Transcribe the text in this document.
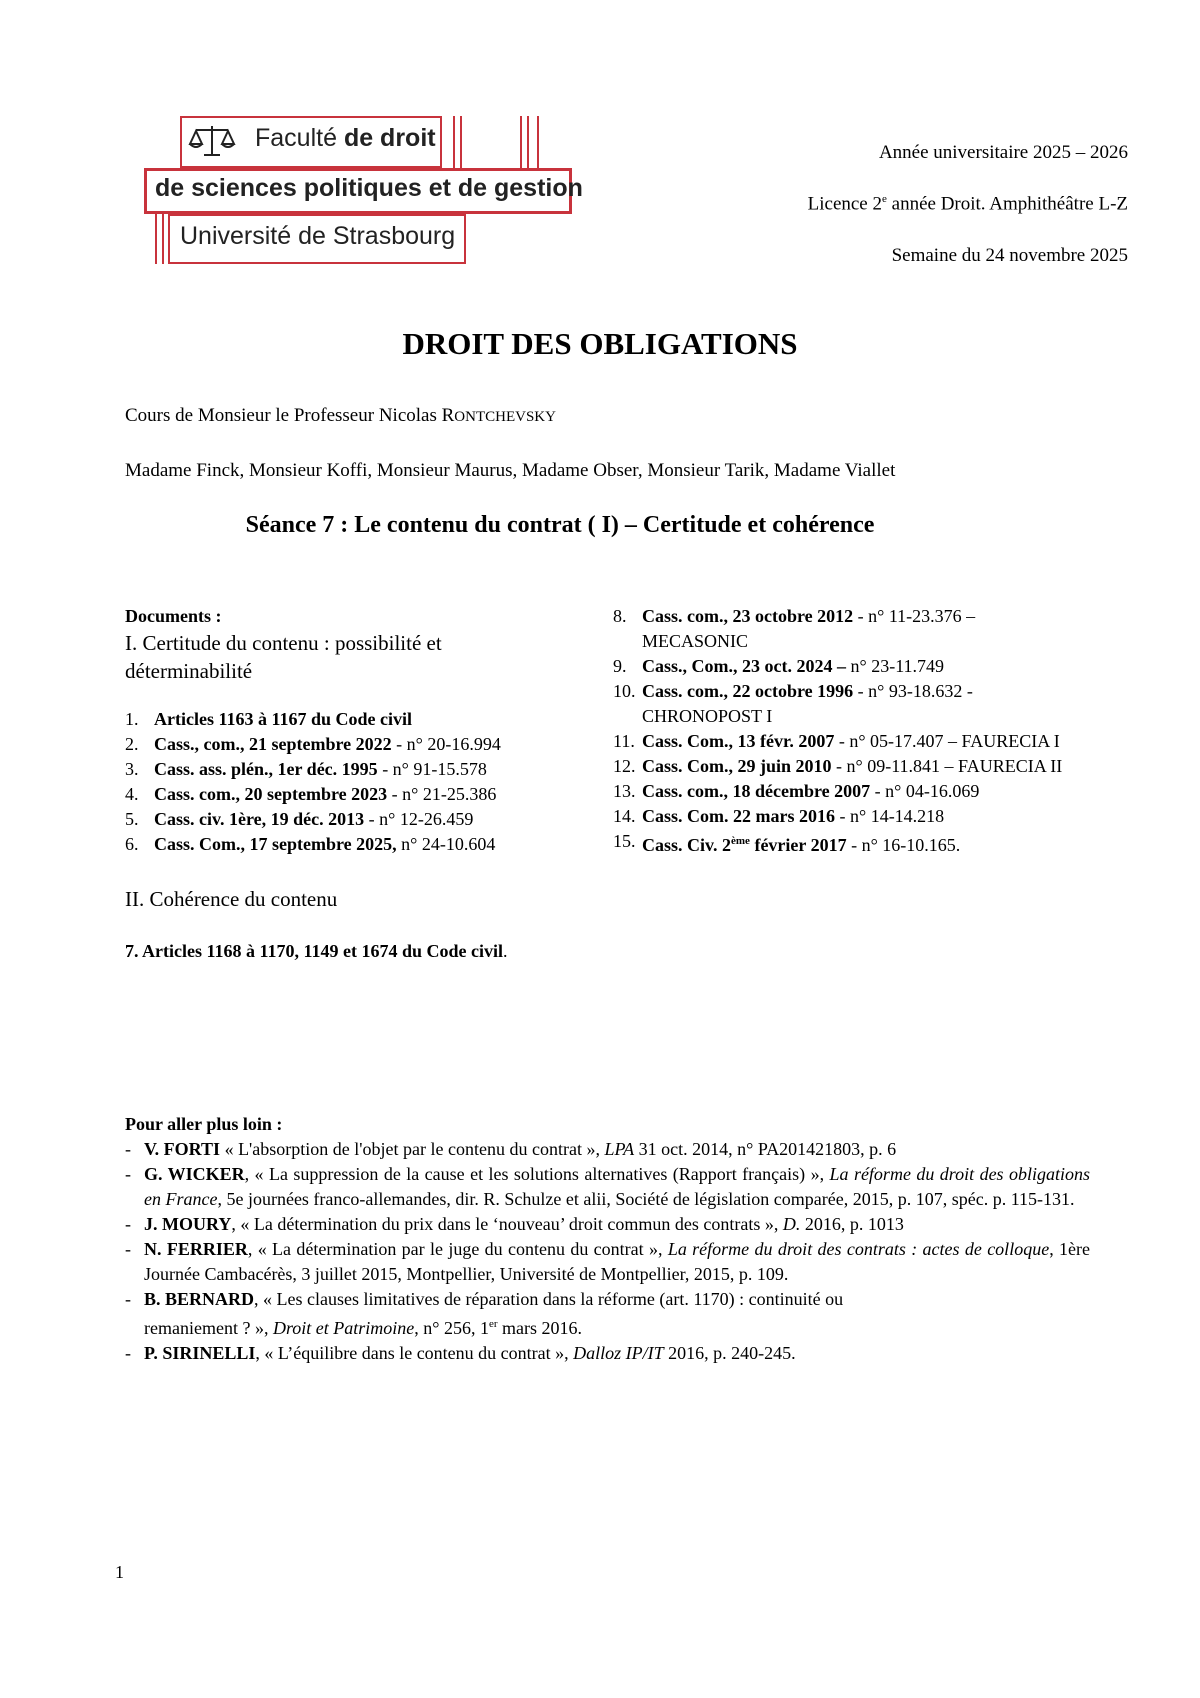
Faculté de droit
de sciences politiques et de gestion
Université de Strasbourg
Année universitaire 2025 – 2026
Licence 2e année Droit. Amphithéâtre L-Z
Semaine du 24 novembre 2025
DROIT DES OBLIGATIONS
Cours de Monsieur le Professeur Nicolas RONTCHEVSKY
Madame Finck, Monsieur Koffi, Monsieur Maurus, Madame Obser, Monsieur Tarik, Madame Viallet
Séance 7 : Le contenu du contrat ( I) – Certitude et cohérence
Documents :
I. Certitude du contenu : possibilité et déterminabilité
1. Articles 1163 à 1167 du Code civil
2. Cass., com., 21 septembre 2022 - n° 20-16.994
3. Cass. ass. plén., 1er déc. 1995 - n° 91-15.578
4. Cass. com., 20 septembre 2023 - n° 21-25.386
5. Cass. civ. 1ère, 19 déc. 2013 - n° 12-26.459
6. Cass. Com., 17 septembre 2025, n° 24-10.604
II. Cohérence du contenu
7. Articles 1168 à 1170, 1149 et 1674 du Code civil.
8. Cass. com., 23 octobre 2012 - n° 11-23.376 – MECASONIC
9. Cass., Com., 23 oct. 2024 – n° 23-11.749
10. Cass. com., 22 octobre 1996 - n° 93-18.632 - CHRONOPOST I
11. Cass. Com., 13 févr. 2007 - n° 05-17.407 – FAURECIA I
12. Cass. Com., 29 juin 2010 - n° 09-11.841 – FAURECIA II
13. Cass. com., 18 décembre 2007 - n° 04-16.069
14. Cass. Com. 22 mars 2016 - n° 14-14.218
15. Cass. Civ. 2ème février 2017 - n° 16-10.165.
Pour aller plus loin :
- V. FORTI « L'absorption de l'objet par le contenu du contrat », LPA 31 oct. 2014, n° PA201421803, p. 6
- G. WICKER, « La suppression de la cause et les solutions alternatives (Rapport français) », La réforme du droit des obligations en France, 5e journées franco-allemandes, dir. R. Schulze et alii, Société de législation comparée, 2015, p. 107, spéc. p. 115-131.
- J. MOURY, « La détermination du prix dans le ‘nouveau’ droit commun des contrats », D. 2016, p. 1013
- N. FERRIER, « La détermination par le juge du contenu du contrat », La réforme du droit des contrats : actes de colloque, 1ère Journée Cambacérès, 3 juillet 2015, Montpellier, Université de Montpellier, 2015, p. 109.
- B. BERNARD, « Les clauses limitatives de réparation dans la réforme (art. 1170) : continuité ou
remaniement ? », Droit et Patrimoine, n° 256, 1er mars 2016.
- P. SIRINELLI, « L’équilibre dans le contenu du contrat », Dalloz IP/IT 2016, p. 240-245.
1
